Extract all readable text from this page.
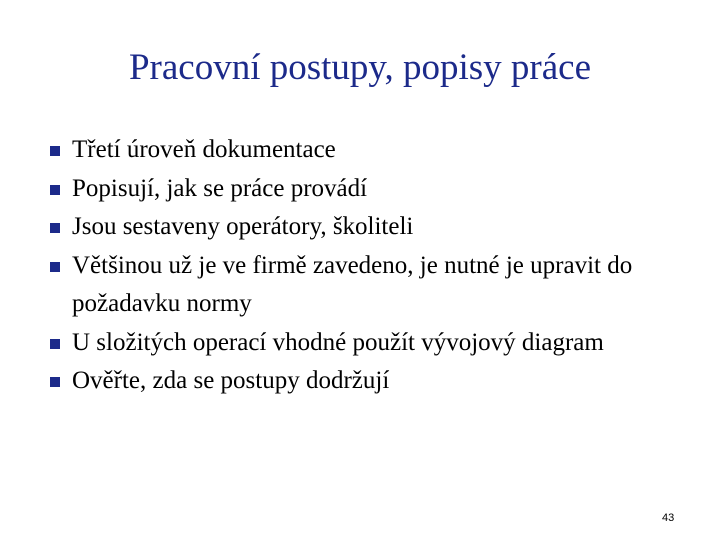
Pracovní postupy, popisy práce
Třetí úroveň dokumentace
Popisují, jak se práce provádí
Jsou sestaveny operátory, školiteli
Většinou už je ve firmě zavedeno, je nutné je upravit do požadavku normy
U složitých operací vhodné použít vývojový diagram
Ověřte, zda se postupy dodržují
43
